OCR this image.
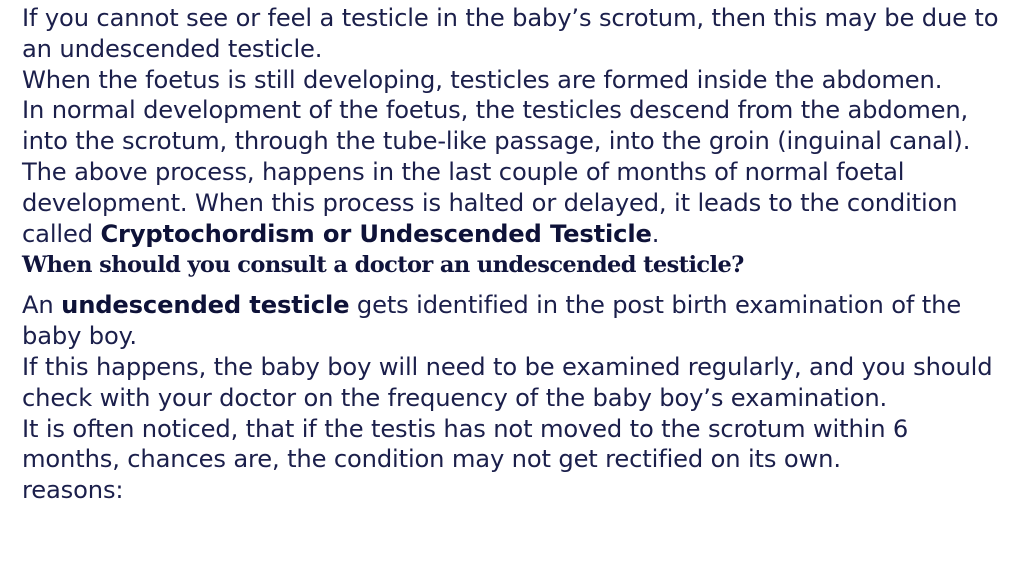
If you cannot see or feel a testicle in the baby’s scrotum, then this may be due to an undescended testicle.

When the foetus is still developing, testicles are formed inside the abdomen.

In normal development of the foetus, the testicles descend from the abdomen, into the scrotum, through the tube-like passage, into the groin (inguinal canal).

The above process, happens in the last couple of months of normal foetal development. When this process is halted or delayed, it leads to the condition called Cryptochordism or Undescended Testicle.

When should you consult a doctor an undescended testicle?

An undescended testicle gets identified in the post birth examination of the baby boy.

If this happens, the baby boy will need to be examined regularly, and you should check with your doctor on the frequency of the baby boy’s examination.

It is often noticed, that if the testis has not moved to the scrotum within 6 months, chances are, the condition may not get rectified on its own.

reasons:
